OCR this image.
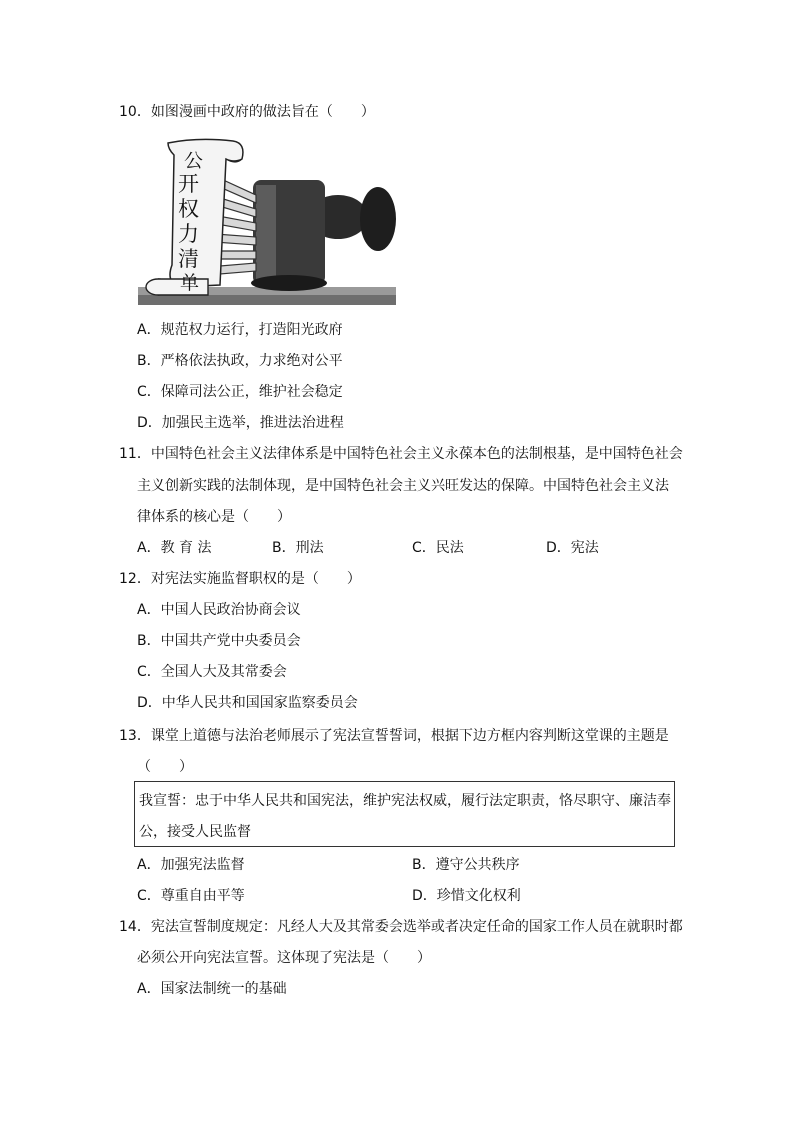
10．如图漫画中政府的做法旨在（　　）
公
开
权
力
清
单
A．规范权力运行，打造阳光政府
B．严格依法执政，力求绝对公平
C．保障司法公正，维护社会稳定
D．加强民主选举，推进法治进程
11．中国特色社会主义法律体系是中国特色社会主义永葆本色的法制根基，是中国特色社会
主义创新实践的法制体现，是中国特色社会主义兴旺发达的保障。中国特色社会主义法
律体系的核心是（　　）
A．教 育 法	B．刑法	C．民法	D．宪法
12．对宪法实施监督职权的是（　　）
A．中国人民政治协商会议
B．中国共产党中央委员会
C．全国人大及其常委会
D．中华人民共和国国家监察委员会
13．课堂上道德与法治老师展示了宪法宣誓誓词，根据下边方框内容判断这堂课的主题是
（　　）
我宣誓：忠于中华人民共和国宪法，维护宪法权威，履行法定职责，恪尽职守、廉洁奉
公，接受人民监督
A．加强宪法监督	B．遵守公共秩序
C．尊重自由平等	D．珍惜文化权利
14．宪法宣誓制度规定：凡经人大及其常委会选举或者决定任命的国家工作人员在就职时都
必须公开向宪法宣誓。这体现了宪法是（　　）
A．国家法制统一的基础
